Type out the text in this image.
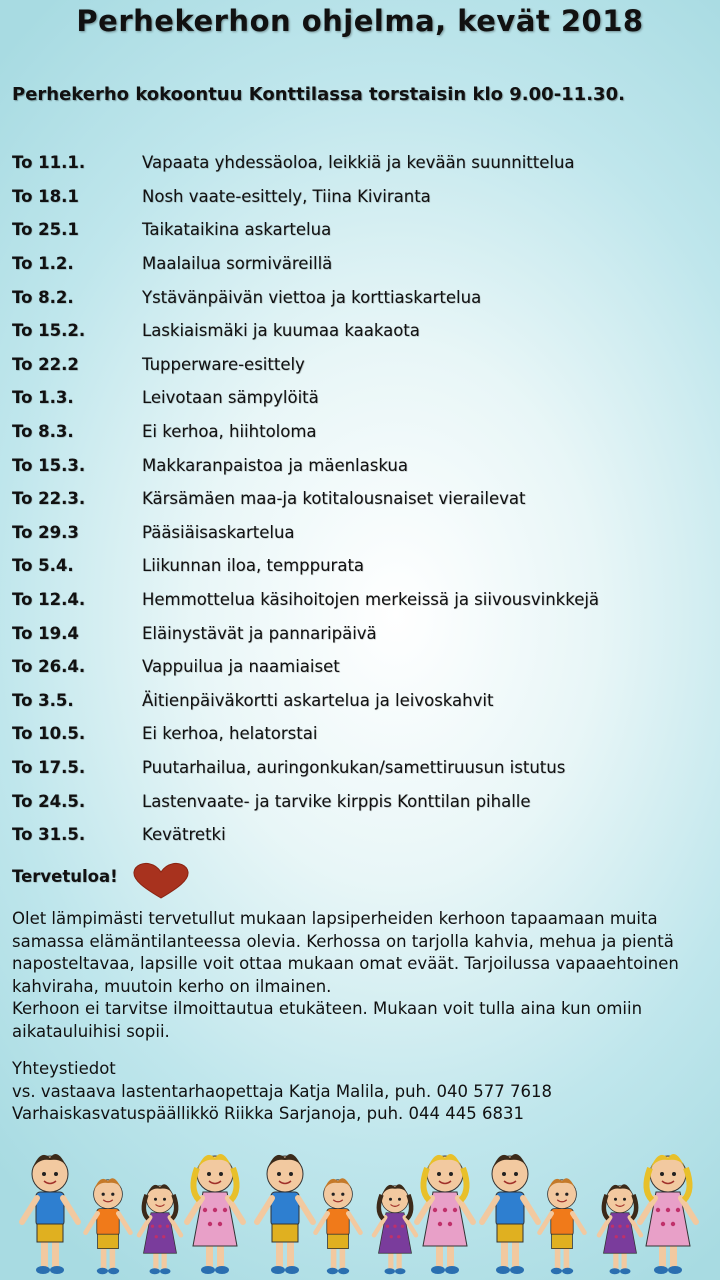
Perhekerhon ohjelma, kevät 2018
Perhekerho kokoontuu Konttilassa torstaisin klo 9.00-11.30.
To 11.1.	Vapaata yhdessäoloa, leikkiä ja kevään suunnittelua
To 18.1	Nosh vaate-esittely, Tiina Kiviranta
To 25.1	Taikataikina askartelua
To 1.2.	Maalailua sormiväreillä
To 8.2.	Ystävänpäivän viettoa ja korttiaskartelua
To 15.2.	Laskiaismäki ja kuumaa kaakaota
To 22.2	Tupperware-esittely
To 1.3.	Leivotaan sämpylöitä
To 8.3.	Ei kerhoa, hiihtoloma
To 15.3.	Makkaranpaistoa ja mäenlaskua
To 22.3.	Kärsämäen maa-ja kotitalousnaiset vierailevat
To 29.3	Pääsiäisaskartelua
To 5.4.	Liikunnan iloa, temppurata
To 12.4.	Hemmottelua käsihoitojen merkeissä ja siivousvinkkejä
To 19.4	Eläinystävät ja pannaripäivä
To 26.4.	Vappuilua ja naamiaiset
To 3.5.	Äitienpäiväkortti askartelua ja leivoskahvit
To 10.5.	Ei kerhoa, helatorstai
To 17.5.	Puutarhailua, auringonkukan/samettiruusun istutus
To 24.5.	Lastenvaate- ja tarvike kirppis Konttilan pihalle
To 31.5.	Kevätretki
Tervetuloa!

Olet lämpimästi tervetullut mukaan lapsiperheiden kerhoon tapaamaan muita

samassa elämäntilanteessa olevia. Kerhossa on tarjolla kahvia, mehua ja pientä

naposteltavaa, lapsille voit ottaa mukaan omat eväät. Tarjoilussa vapaaehtoinen

kahviraha, muutoin kerho on ilmainen.

Kerhoon ei tarvitse ilmoittautua etukäteen. Mukaan voit tulla aina kun omiin

aikatauluihisi sopii.

Yhteystiedot
vs. vastaava lastentarhaopettaja Katja Malila, puh. 040 577 7618
Varhaiskasvatuspäällikkö Riikka Sarjanoja, puh. 044 445 6831
